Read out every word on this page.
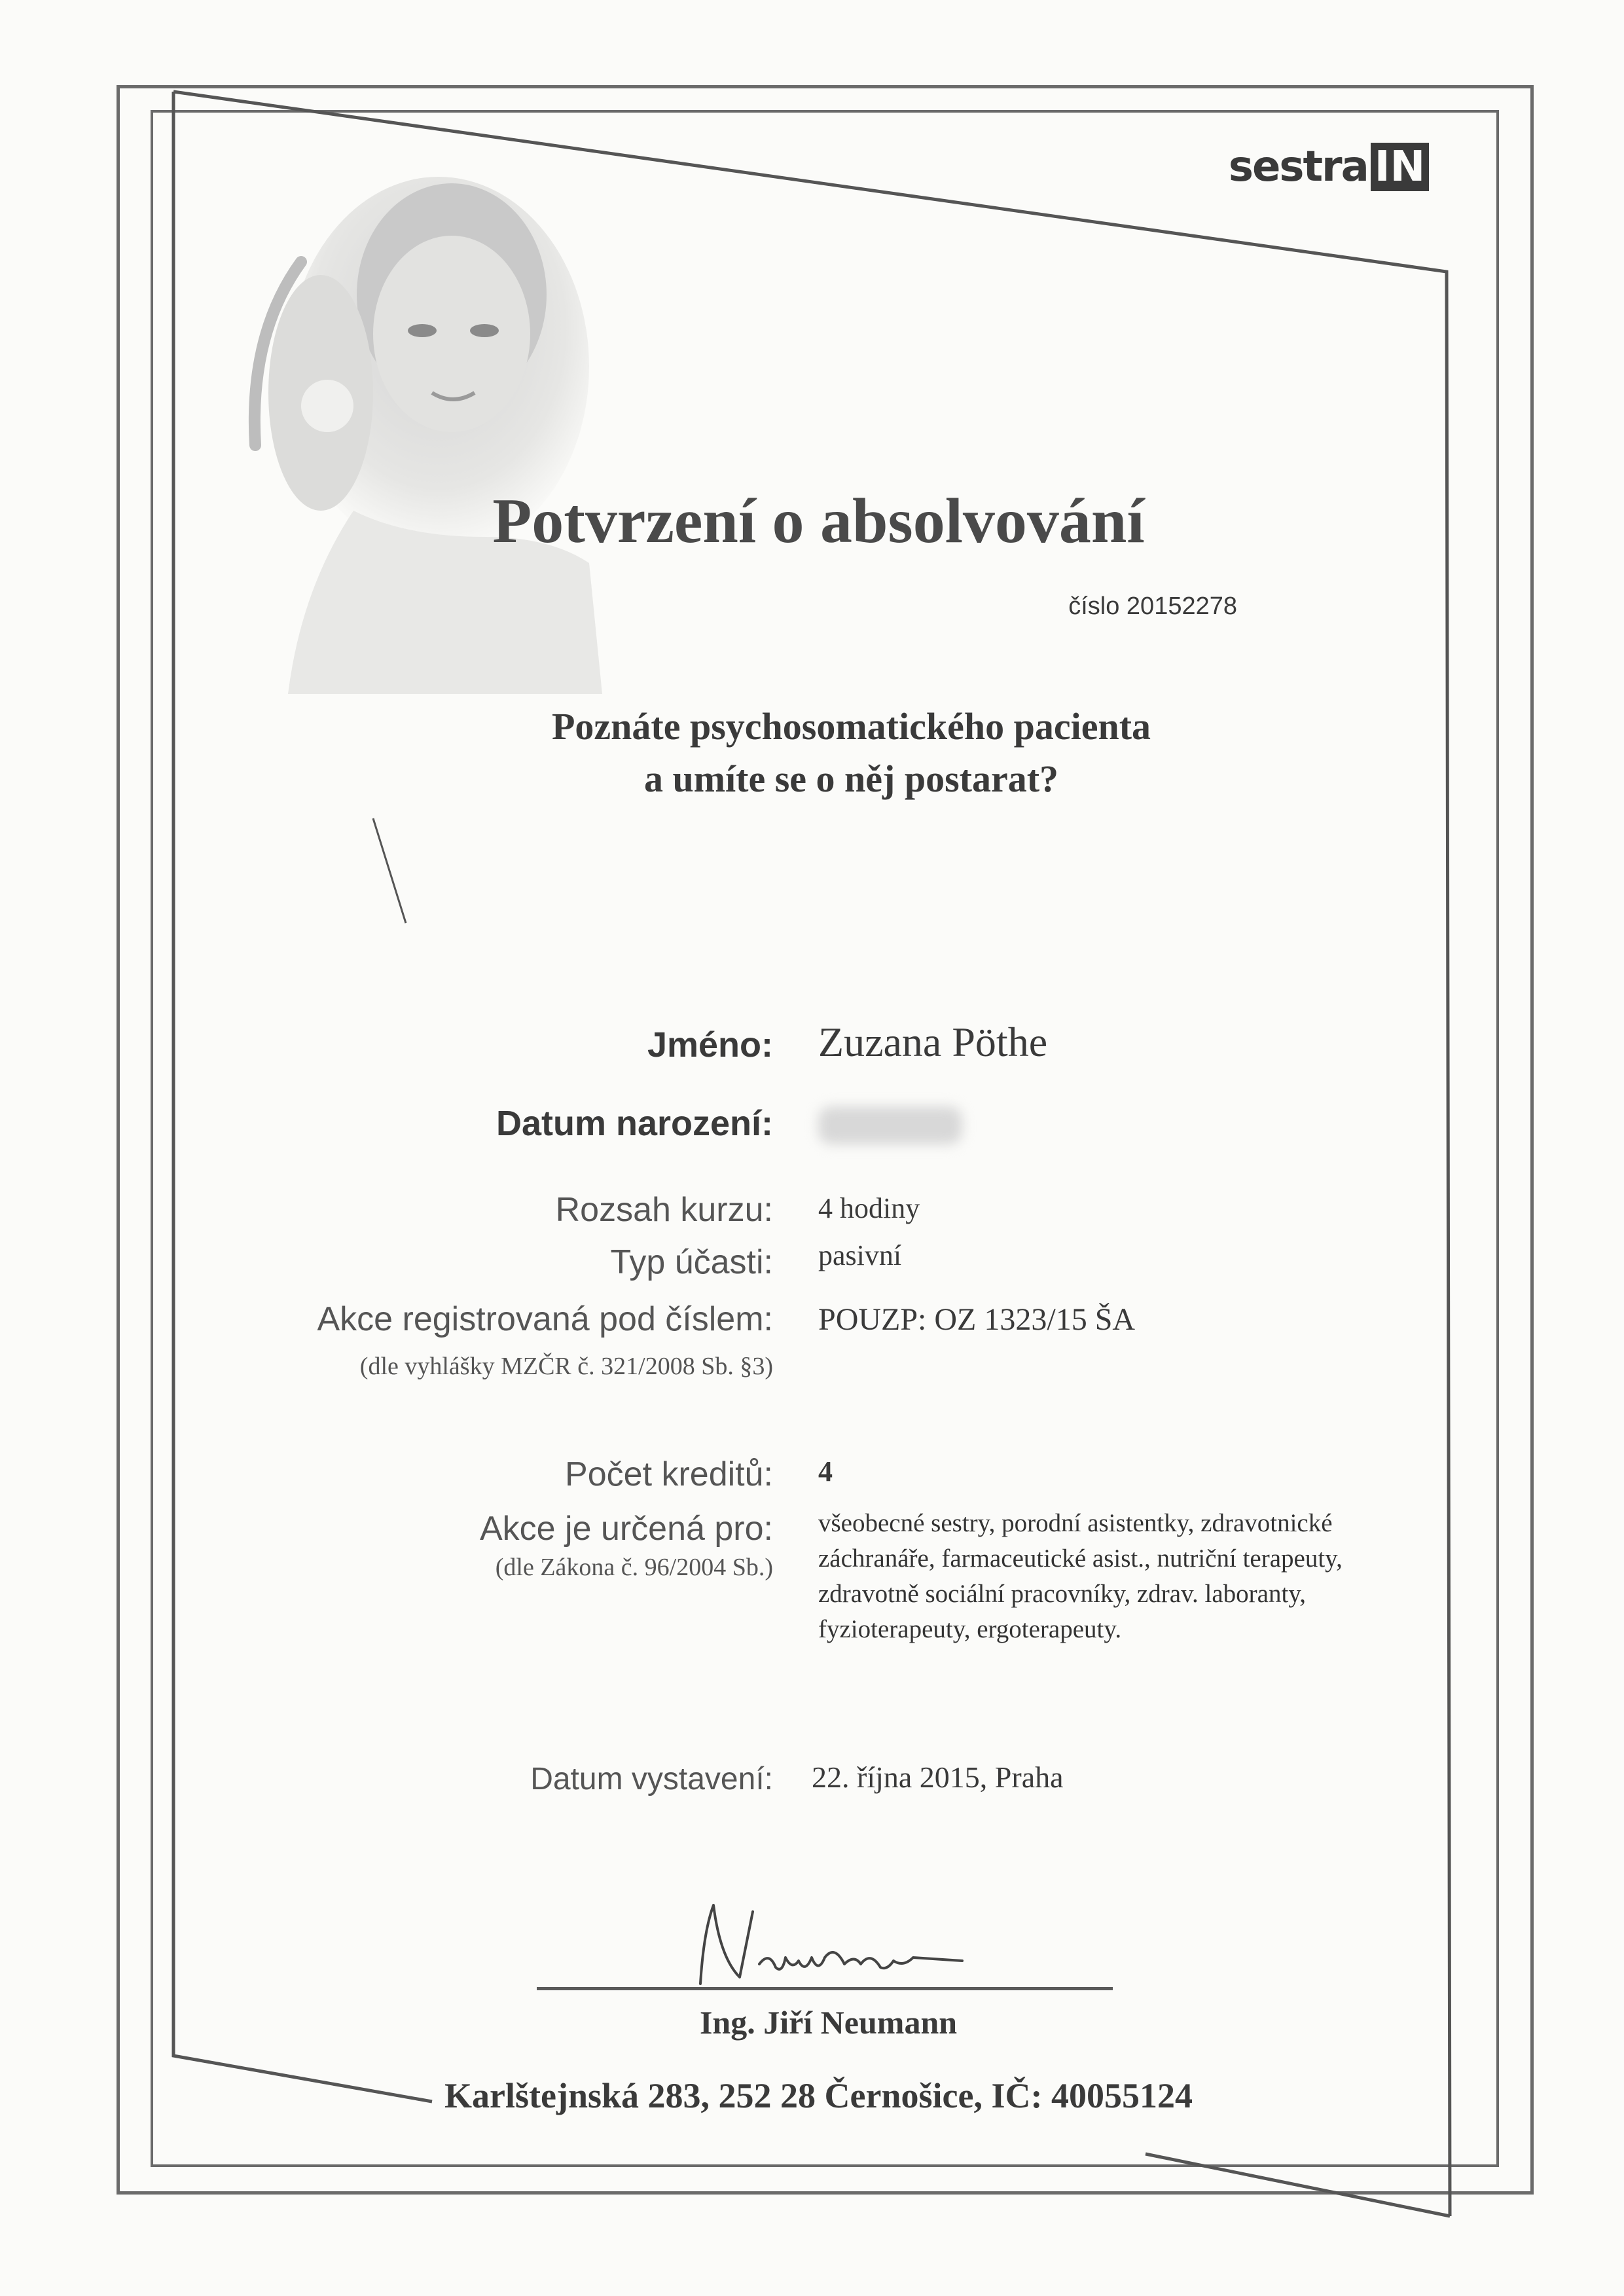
sestra IN
Potvrzení o absolvování
číslo 20152278
Poznáte psychosomatického pacienta
a umíte se o něj postarat?
Jméno: Zuzana Pöthe
Datum narození:
Rozsah kurzu: 4 hodiny
Typ účasti: pasivní
Akce registrovaná pod číslem:
(dle vyhlášky MZČR č. 321/2008 Sb. §3)
POUZP: OZ 1323/15 ŠA
Počet kreditů: 4
Akce je určená pro:
(dle Zákona č. 96/2004 Sb.)
všeobecné sestry, porodní asistentky, zdravotnické záchranáře, farmaceutické asist., nutriční terapeuty, zdravotně sociální pracovníky, zdrav. laboranty, fyzioterapeuty, ergoterapeuty.
Datum vystavení: 22. října 2015, Praha
Ing. Jiří Neumann
Karlštejnská 283, 252 28 Černošice, IČ: 40055124
